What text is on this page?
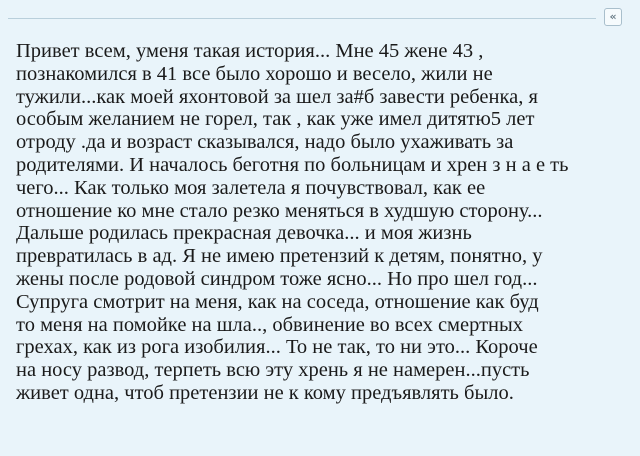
«

Привет всем, уменя такая история... Мне 45 жене 43 ,
познакомился в 41 все было хорошо и весело, жили не
тужили...как моей яхонтовой за шел за#б завести ребенка, я
особым желанием не горел, так , как уже имел дитятю5 лет
отроду .да и возраст сказывался, надо было ухаживать за
родителями. И началось беготня по больницам и хрен з н а е ть
чего... Как только моя залетела я почувствовал, как ее
отношение ко мне стало резко меняться в худшую сторону...
Дальше родилась прекрасная девочка... и моя жизнь
превратилась в ад. Я не имею претензий к детям, понятно, у
жены после родовой синдром тоже ясно... Но про шел год...
Супруга смотрит на меня, как на соседа, отношение как буд
то меня на помойке на шла.., обвинение во всех смертных
грехах, как из рога изобилия... То не так, то ни это... Короче
на носу развод, терпеть всю эту хрень я не намерен...пусть
живет одна, чтоб претензии не к кому предъявлять было.
